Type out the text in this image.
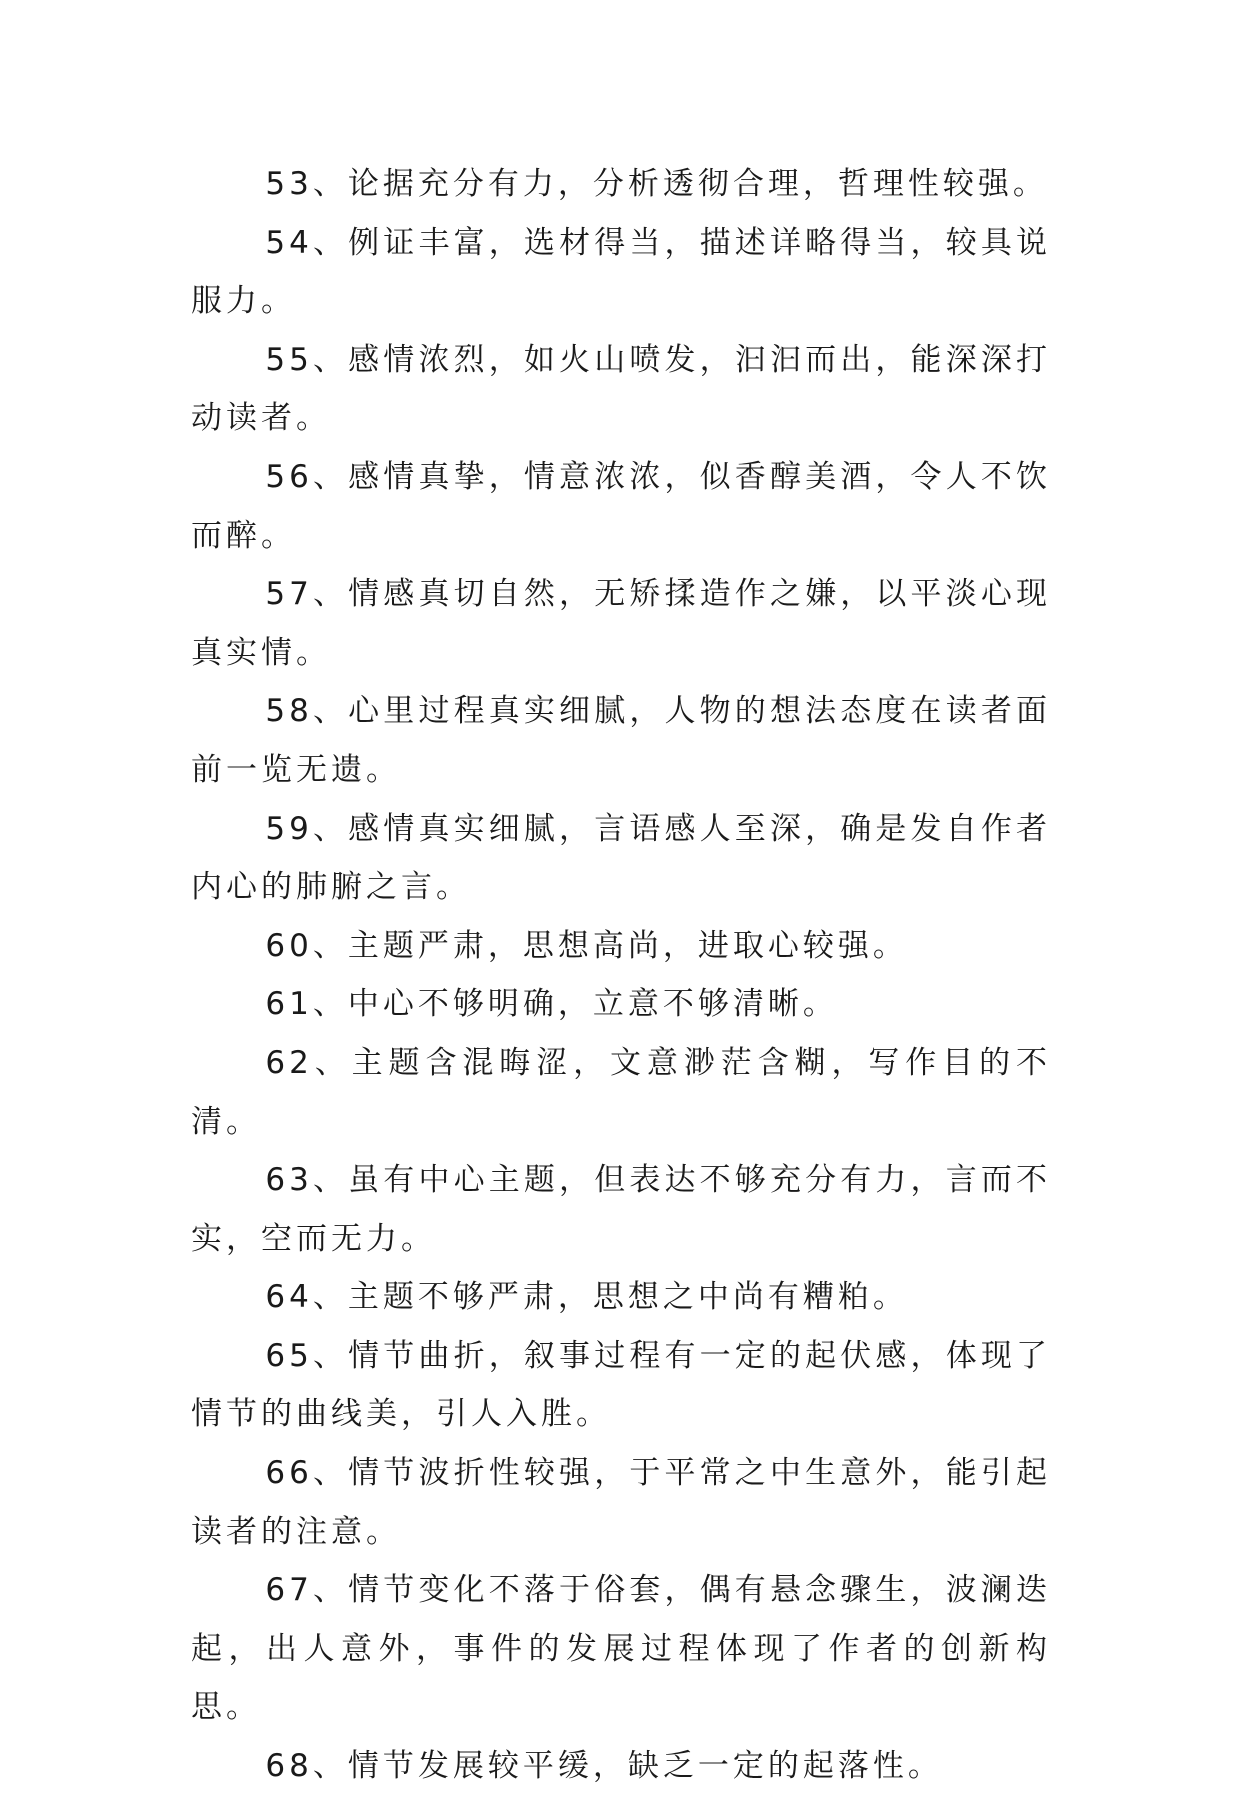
53、论据充分有力，分析透彻合理，哲理性较强。

54、例证丰富，选材得当，描述详略得当，较具说服力。

55、感情浓烈，如火山喷发，汩汩而出，能深深打动读者。

56、感情真挚，情意浓浓，似香醇美酒，令人不饮而醉。

57、情感真切自然，无矫揉造作之嫌，以平淡心现真实情。

58、心里过程真实细腻，人物的想法态度在读者面前一览无遗。

59、感情真实细腻，言语感人至深，确是发自作者内心的肺腑之言。

60、主题严肃，思想高尚，进取心较强。

61、中心不够明确，立意不够清晰。

62、主题含混晦涩，文意渺茫含糊，写作目的不清。

63、虽有中心主题，但表达不够充分有力，言而不实，空而无力。

64、主题不够严肃，思想之中尚有糟粕。

65、情节曲折，叙事过程有一定的起伏感，体现了情节的曲线美，引人入胜。

66、情节波折性较强，于平常之中生意外，能引起读者的注意。

67、情节变化不落于俗套，偶有悬念骤生，波澜迭起，出人意外，事件的发展过程体现了作者的创新构思。

68、情节发展较平缓，缺乏一定的起落性。
